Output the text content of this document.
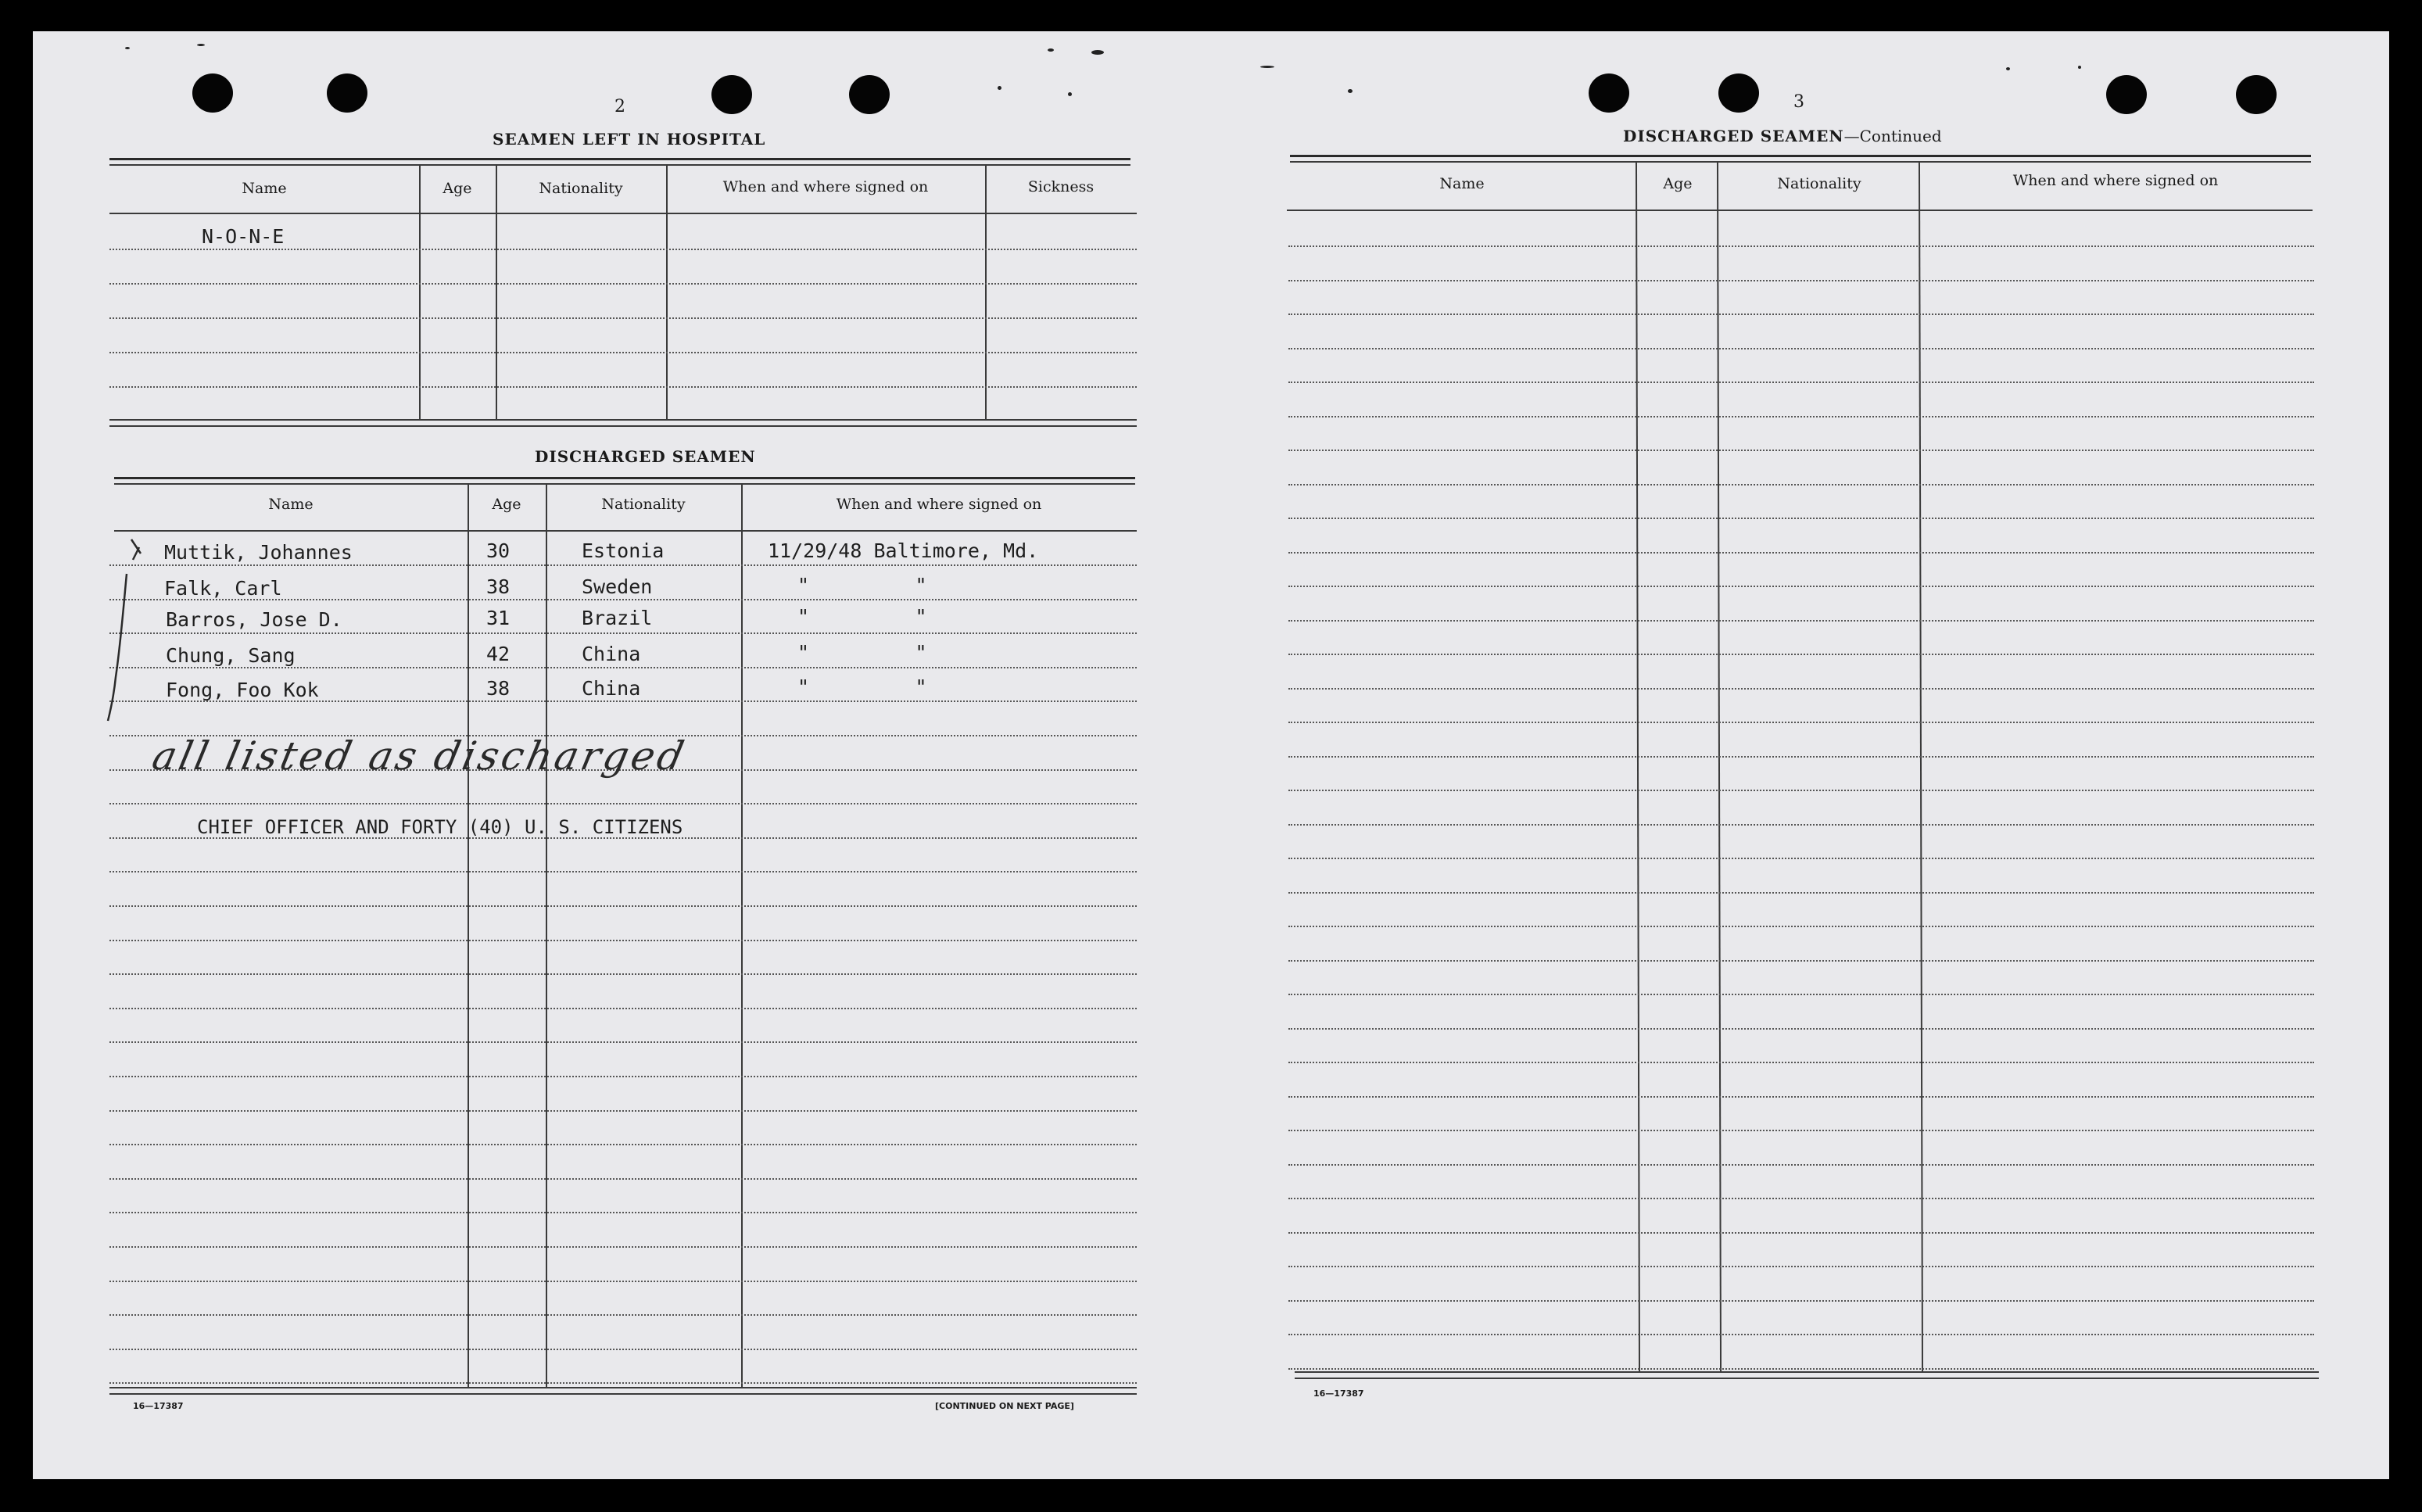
2
SEAMEN LEFT IN HOSPITAL
Name	Age	Nationality	When and where signed on	Sickness
N-O-N-E
DISCHARGED SEAMEN
Name	Age	Nationality	When and where signed on
Muttik, Johannes	30	Estonia	11/29/48 Baltimore, Md.
Falk, Carl	38	Sweden	"         "
Barros, Jose D.	31	Brazil	"         "
Chung, Sang	42	China	"         "
Fong, Foo Kok	38	China	"         "
all listed as discharged
CHIEF OFFICER AND FORTY (40) U. S. CITIZENS
16—17387	[CONTINUED ON NEXT PAGE]
3
DISCHARGED SEAMEN—Continued
Name	Age	Nationality	When and where signed on
16—17387
